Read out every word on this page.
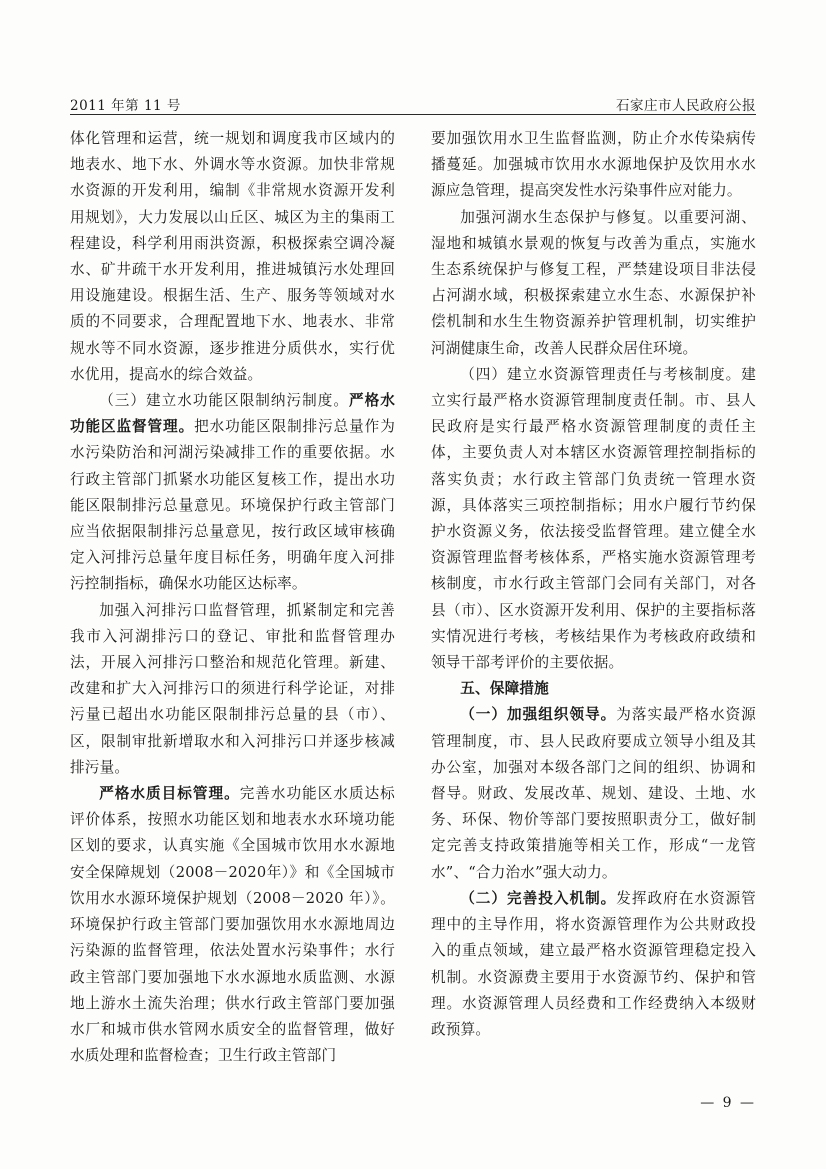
2011 年第 11 号	石家庄市人民政府公报

体化管理和运营，统一规划和调度我市区域内的地表水、地下水、外调水等水资源。加快非常规水资源的开发利用，编制《非常规水资源开发利用规划》，大力发展以山丘区、城区为主的集雨工程建设，科学利用雨洪资源，积极探索空调冷凝水、矿井疏干水开发利用，推进城镇污水处理回用设施建设。根据生活、生产、服务等领域对水质的不同要求，合理配置地下水、地表水、非常规水等不同水资源，逐步推进分质供水，实行优水优用，提高水的综合效益。

（三）建立水功能区限制纳污制度。严格水功能区监督管理。把水功能区限制排污总量作为水污染防治和河湖污染减排工作的重要依据。水行政主管部门抓紧水功能区复核工作，提出水功能区限制排污总量意见。环境保护行政主管部门应当依据限制排污总量意见，按行政区域审核确定入河排污总量年度目标任务，明确年度入河排污控制指标，确保水功能区达标率。

加强入河排污口监督管理，抓紧制定和完善我市入河湖排污口的登记、审批和监督管理办法，开展入河排污口整治和规范化管理。新建、改建和扩大入河排污口的须进行科学论证，对排污量已超出水功能区限制排污总量的县（市）、区，限制审批新增取水和入河排污口并逐步核减排污量。

严格水质目标管理。完善水功能区水质达标评价体系，按照水功能区划和地表水水环境功能区划的要求，认真实施《全国城市饮用水水源地安全保障规划（2008－2020年）》和《全国城市饮用水水源环境保护规划（2008－2020 年）》。环境保护行政主管部门要加强饮用水水源地周边污染源的监督管理，依法处置水污染事件；水行政主管部门要加强地下水水源地水质监测、水源地上游水土流失治理；供水行政主管部门要加强水厂和城市供水管网水质安全的监督管理，做好水质处理和监督检查；卫生行政主管部门

要加强饮用水卫生监督监测，防止介水传染病传播蔓延。加强城市饮用水水源地保护及饮用水水源应急管理，提高突发性水污染事件应对能力。

加强河湖水生态保护与修复。以重要河湖、湿地和城镇水景观的恢复与改善为重点，实施水生态系统保护与修复工程，严禁建设项目非法侵占河湖水域，积极探索建立水生态、水源保护补偿机制和水生生物资源养护管理机制，切实维护河湖健康生命，改善人民群众居住环境。

（四）建立水资源管理责任与考核制度。建立实行最严格水资源管理制度责任制。市、县人民政府是实行最严格水资源管理制度的责任主体，主要负责人对本辖区水资源管理控制指标的落实负责；水行政主管部门负责统一管理水资源，具体落实三项控制指标；用水户履行节约保护水资源义务，依法接受监督管理。建立健全水资源管理监督考核体系，严格实施水资源管理考核制度，市水行政主管部门会同有关部门，对各县（市）、区水资源开发利用、保护的主要指标落实情况进行考核，考核结果作为考核政府政绩和领导干部考评价的主要依据。

五、保障措施

（一）加强组织领导。为落实最严格水资源管理制度，市、县人民政府要成立领导小组及其办公室，加强对本级各部门之间的组织、协调和督导。财政、发展改革、规划、建设、土地、水务、环保、物价等部门要按照职责分工，做好制定完善支持政策措施等相关工作，形成“一龙管水”、“合力治水”强大动力。

（二）完善投入机制。发挥政府在水资源管理中的主导作用，将水资源管理作为公共财政投入的重点领域，建立最严格水资源管理稳定投入机制。水资源费主要用于水资源节约、保护和管理。水资源管理人员经费和工作经费纳入本级财政预算。

— 9 —
